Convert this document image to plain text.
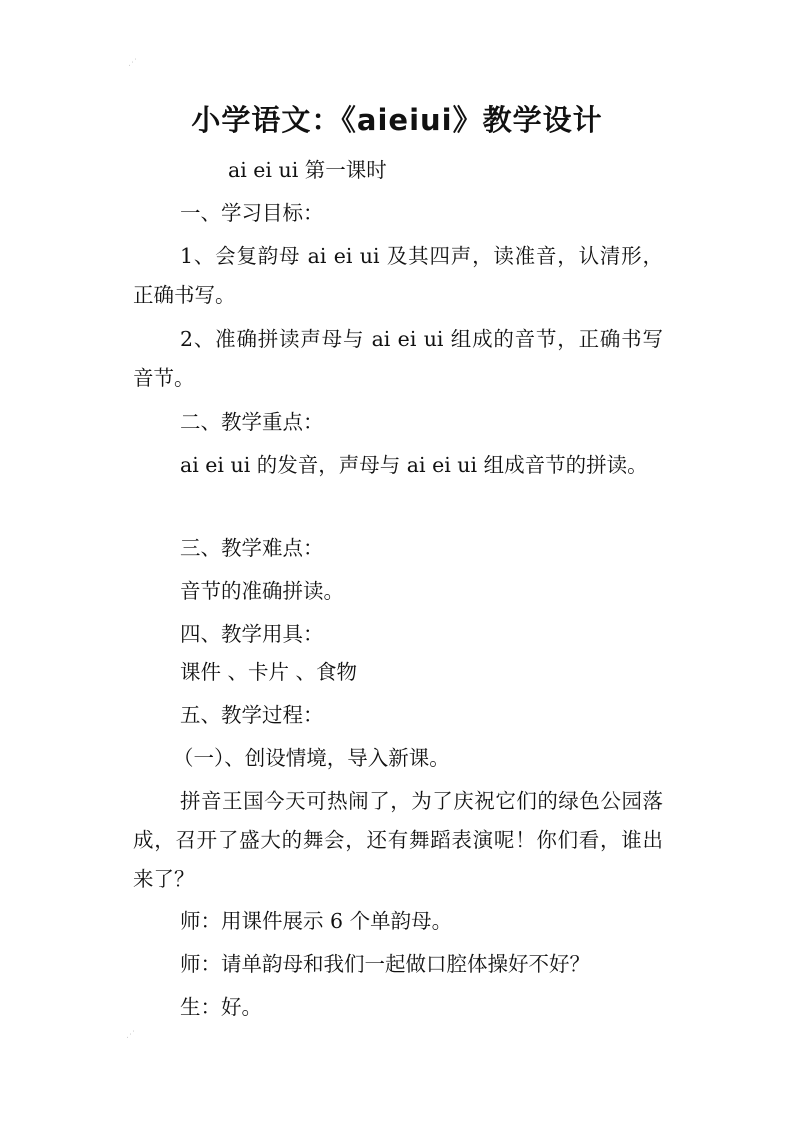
⋰
小学语文：《aieiui》教学设计

ai ei ui 第一课时

一、学习目标：

1、会复韵母 ai ei ui 及其四声，读准音，认清形，正确书写。

2、准确拼读声母与 ai ei ui 组成的音节，正确书写音节。

二、教学重点：

ai ei ui 的发音，声母与 ai ei ui 组成音节的拼读。

三、教学难点：

音节的准确拼读。

四、教学用具：

课件 、卡片 、食物

五、教学过程：

（一）、创设情境，导入新课。

拼音王国今天可热闹了，为了庆祝它们的绿色公园落成，召开了盛大的舞会，还有舞蹈表演呢！你们看，谁出来了？

师：用课件展示 6 个单韵母。

师：请单韵母和我们一起做口腔体操好不好？

生：好。

⋰
